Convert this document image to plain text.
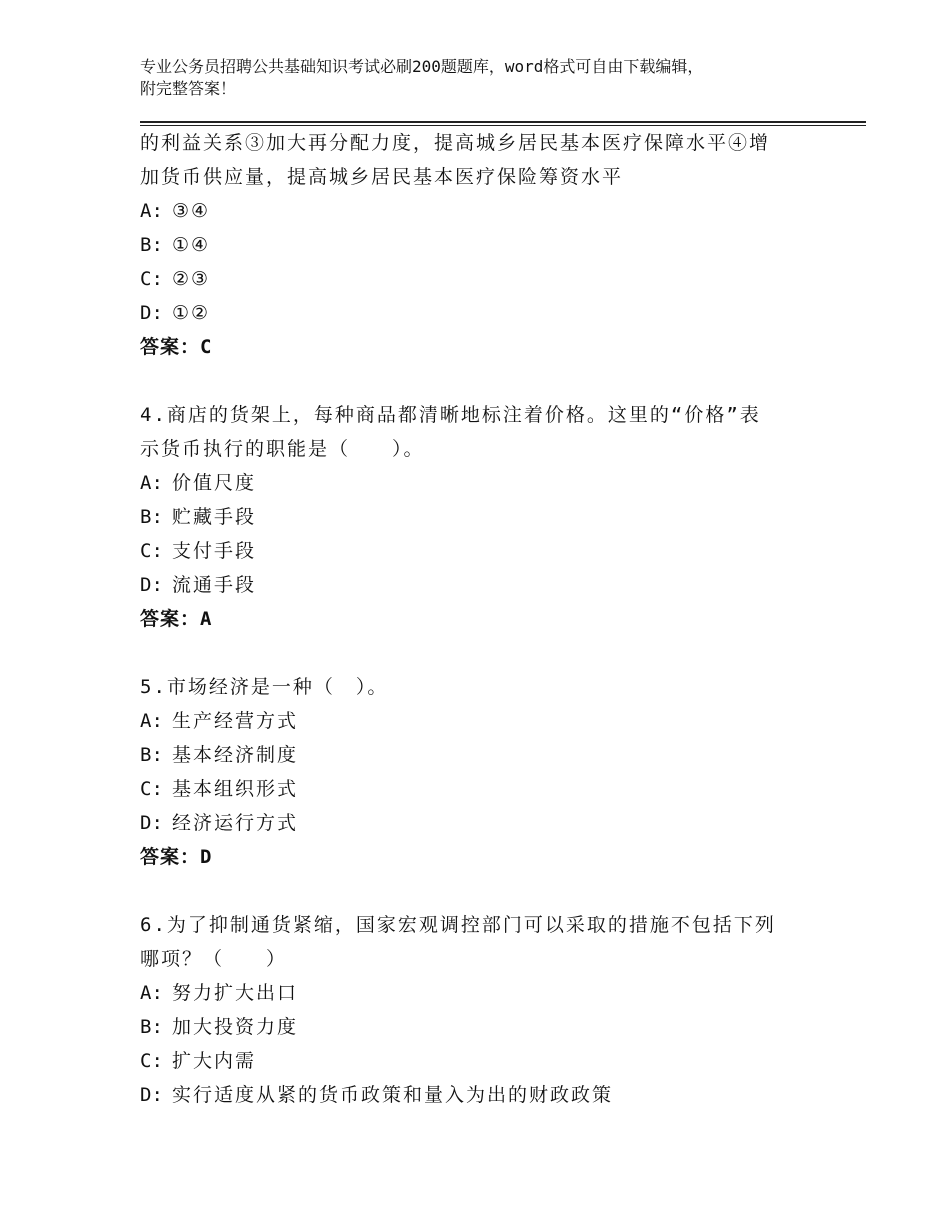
专业公务员招聘公共基础知识考试必刷200题题库，word格式可自由下载编辑，
附完整答案！
的利益关系③加大再分配力度，提高城乡居民基本医疗保障水平④增
加货币供应量，提高城乡居民基本医疗保险筹资水平
A: ③④
B: ①④
C: ②③
D: ①②
答案：C
4.商店的货架上，每种商品都清晰地标注着价格。这里的“价格”表
示货币执行的职能是（　　）。
A: 价值尺度
B: 贮藏手段
C: 支付手段
D: 流通手段
答案：A
5.市场经济是一种（　）。
A: 生产经营方式
B: 基本经济制度
C: 基本组织形式
D: 经济运行方式
答案：D
6.为了抑制通货紧缩，国家宏观调控部门可以采取的措施不包括下列
哪项？（　　）
A: 努力扩大出口
B: 加大投资力度
C: 扩大内需
D: 实行适度从紧的货币政策和量入为出的财政政策
